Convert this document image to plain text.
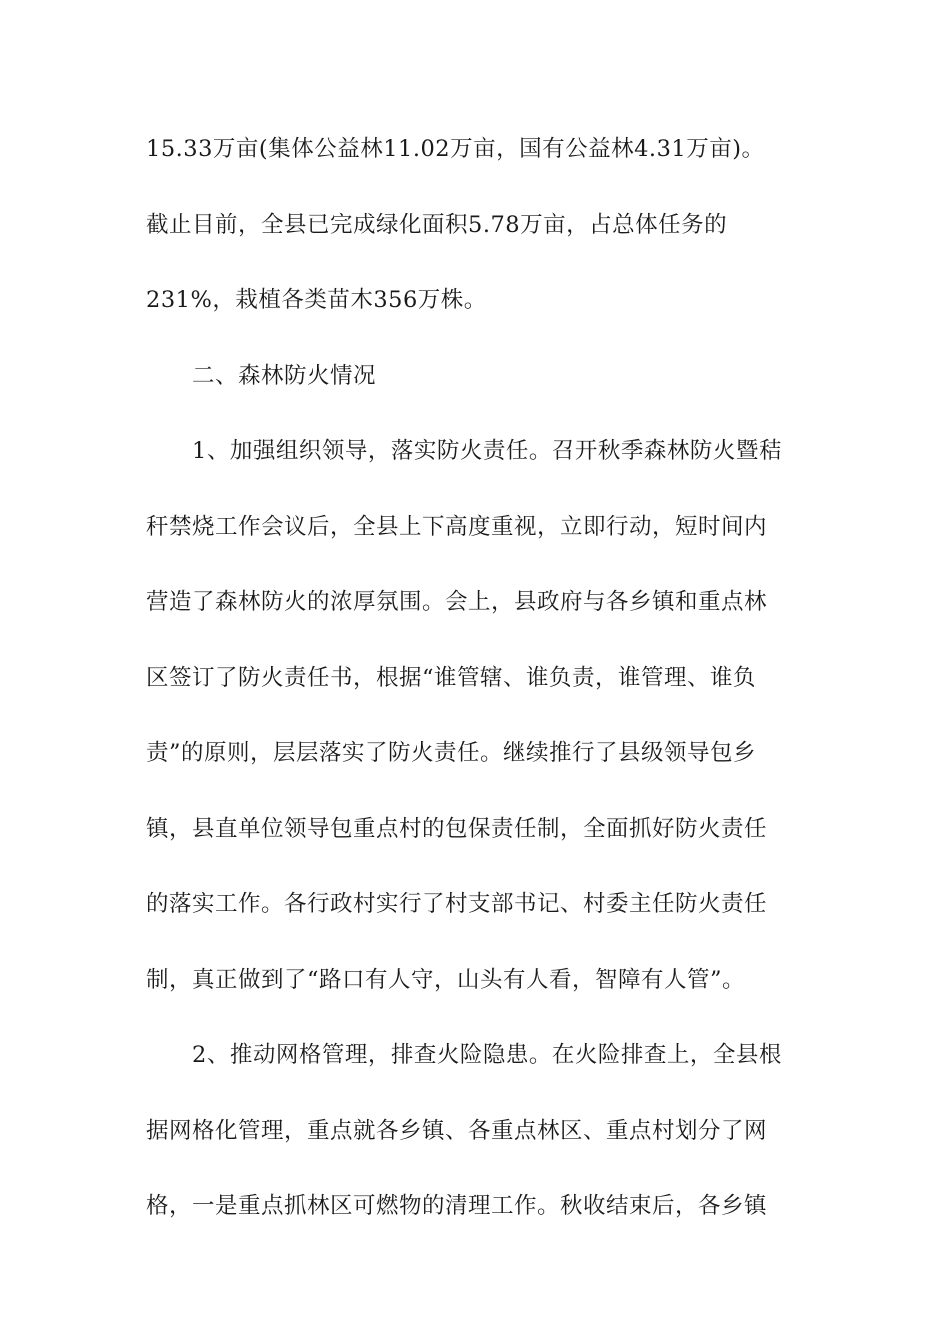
15.33万亩(集体公益林11.02万亩，国有公益林4.31万亩)。
截止目前，全县已完成绿化面积5.78万亩，占总体任务的
231%，栽植各类苗木356万株。
二、森林防火情况
1、加强组织领导，落实防火责任。召开秋季森林防火暨秸
秆禁烧工作会议后，全县上下高度重视，立即行动，短时间内
营造了森林防火的浓厚氛围。会上，县政府与各乡镇和重点林
区签订了防火责任书，根据“谁管辖、谁负责，谁管理、谁负
责”的原则，层层落实了防火责任。继续推行了县级领导包乡
镇，县直单位领导包重点村的包保责任制，全面抓好防火责任
的落实工作。各行政村实行了村支部书记、村委主任防火责任
制，真正做到了“路口有人守，山头有人看，智障有人管”。
2、推动网格管理，排查火险隐患。在火险排查上，全县根
据网格化管理，重点就各乡镇、各重点林区、重点村划分了网
格，一是重点抓林区可燃物的清理工作。秋收结束后，各乡镇
